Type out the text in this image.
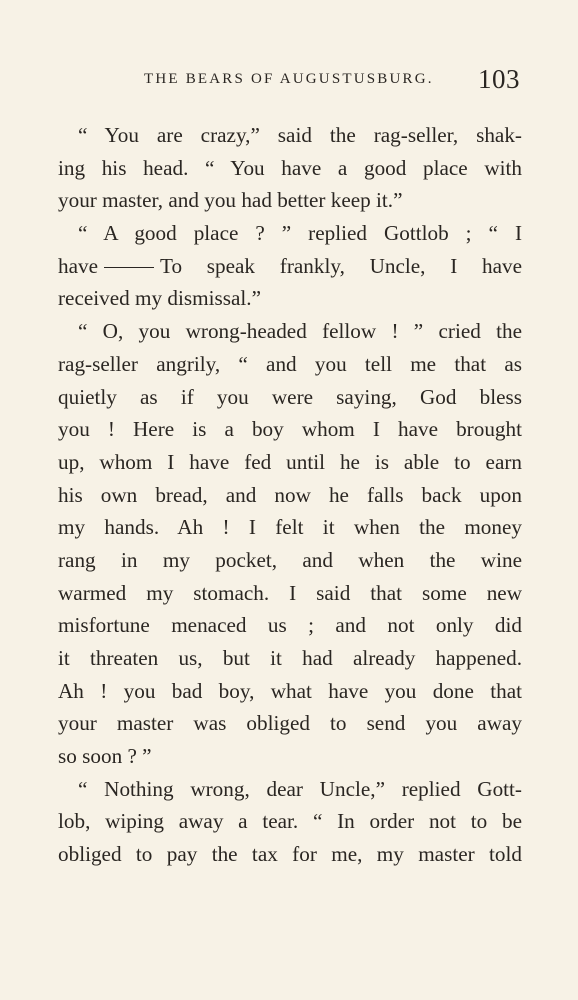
THE BEARS OF AUGUSTUSBURG. 103
“ You are crazy,” said the rag-seller, shak-
ing his head. “ You have a good place with
your master, and you had better keep it.”
“ A good place ? ” replied Gottlob ; “ I
have	To speak frankly, Uncle, I have
received my dismissal.”
“ O, you wrong-headed fellow ! ” cried the
rag-seller angrily, “ and you tell me that as
quietly as if you were saying, God bless
you ! Here is a boy whom I have brought
up, whom I have fed until he is able to earn
his own bread, and now he falls back upon
my hands. Ah ! I felt it when the money
rang in my pocket, and when the wine
warmed my stomach. I said that some new
misfortune menaced us ; and not only did
it threaten us, but it had already happened.
Ah ! you bad boy, what have you done that
your master was obliged to send you away
so soon ? ”
“ Nothing wrong, dear Uncle,” replied Gott-
lob, wiping away a tear. “ In order not to be
obliged to pay the tax for me, my master told
